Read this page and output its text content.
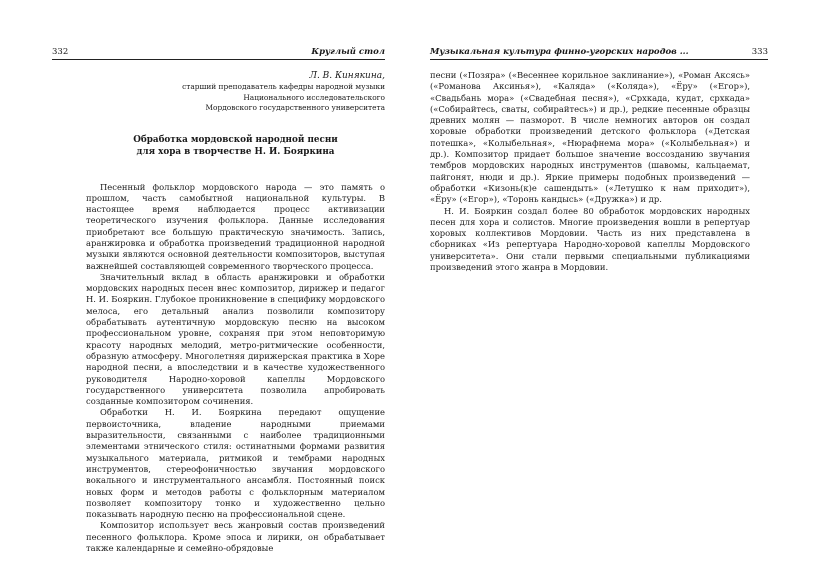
332	Круглый стол
Л. В. Кинякина,
старший преподаватель кафедры народной музыки
Национального исследовательского
Мордовского государственного университета
Обработка мордовской народной песни
для хора в творчестве Н. И. Бояркина

Песенный фольклор мордовского народа — это память о прошлом, часть самобытной национальной культуры. В настоящее время наблюдается процесс активизации теоретического изучения фольклора. Данные исследования приобретают все большую практическую значимость. Запись, аранжировка и обработка произведений традиционной народной музыки являются основной деятельности композиторов, выступая важнейшей составляющей современного творческого процесса.

Значительный вклад в область аранжировки и обработки мордовских народных песен внес композитор, дирижер и педагог Н. И. Бояркин. Глубокое проникновение в специфику мордовского мелоса, его детальный анализ позволили композитору обрабатывать аутентичную мордовскую песню на высоком профессиональном уровне, сохраняя при этом неповторимую красоту народных мелодий, метро-ритмические особенности, образную атмосферу. Многолетняя дирижерская практика в Хоре народной песни, а впоследствии и в качестве художественного руководителя Народно-хоровой капеллы Мордовского государственного университета позволила апробировать созданные композитором сочинения.

Обработки Н. И. Бояркина передают ощущение первоисточника, владение народными приемами выразительности, связанными с наиболее традиционными элементами этнического стиля: остинатными формами развития музыкального материала, ритмикой и тембрами народных инструментов, стереофоничностью звучания мордовского вокального и инструментального ансамбля. Постоянный поиск новых форм и методов работы с фольклорным материалом позволяет композитору тонко и художественно цельно показывать народную песню на профессиональной сцене.

Композитор использует весь жанровый состав произведений песенного фольклора. Кроме эпоса и лирики, он обрабатывает также календарные и семейно-обрядовые

Музыкальная культура финно-угорских народов ...	333

песни («Позяра» («Весеннее корильное заклинание»), «Роман Аксясь» («Романова Аксинья»), «Каляда» («Коляда»), «Ёру» («Егор»), «Свадьбань мора» («Свадебная песня»), «Срхкада, кудат, срхкада» («Собирайтесь, сваты, собирайтесь») и др.), редкие песенные образцы древних молян — пазморот. В числе немногих авторов он создал хоровые обработки произведений детского фольклора («Детская потешка», «Колыбельная», «Нюрафнема мора» («Колыбельная») и др.). Композитор придает большое значение воссозданию звучания тембров мордовских народных инструментов (шавомы, кальцаемат, пайгонят, нюди и др.). Яркие примеры подобных произведений — обработки «Кизонь(к)е сашендыть» («Летушко к нам приходит»), «Ёру» («Егор»), «Торонь кандысь» («Дружка») и др.

Н. И. Бояркин создал более 80 обработок мордовских народных песен для хора и солистов. Многие произведения вошли в репертуар хоровых коллективов Мордовии. Часть из них представлена в сборниках «Из репертуара Народно-хоровой капеллы Мордовского университета». Они стали первыми специальными публикациями произведений этого жанра в Мордовии.
